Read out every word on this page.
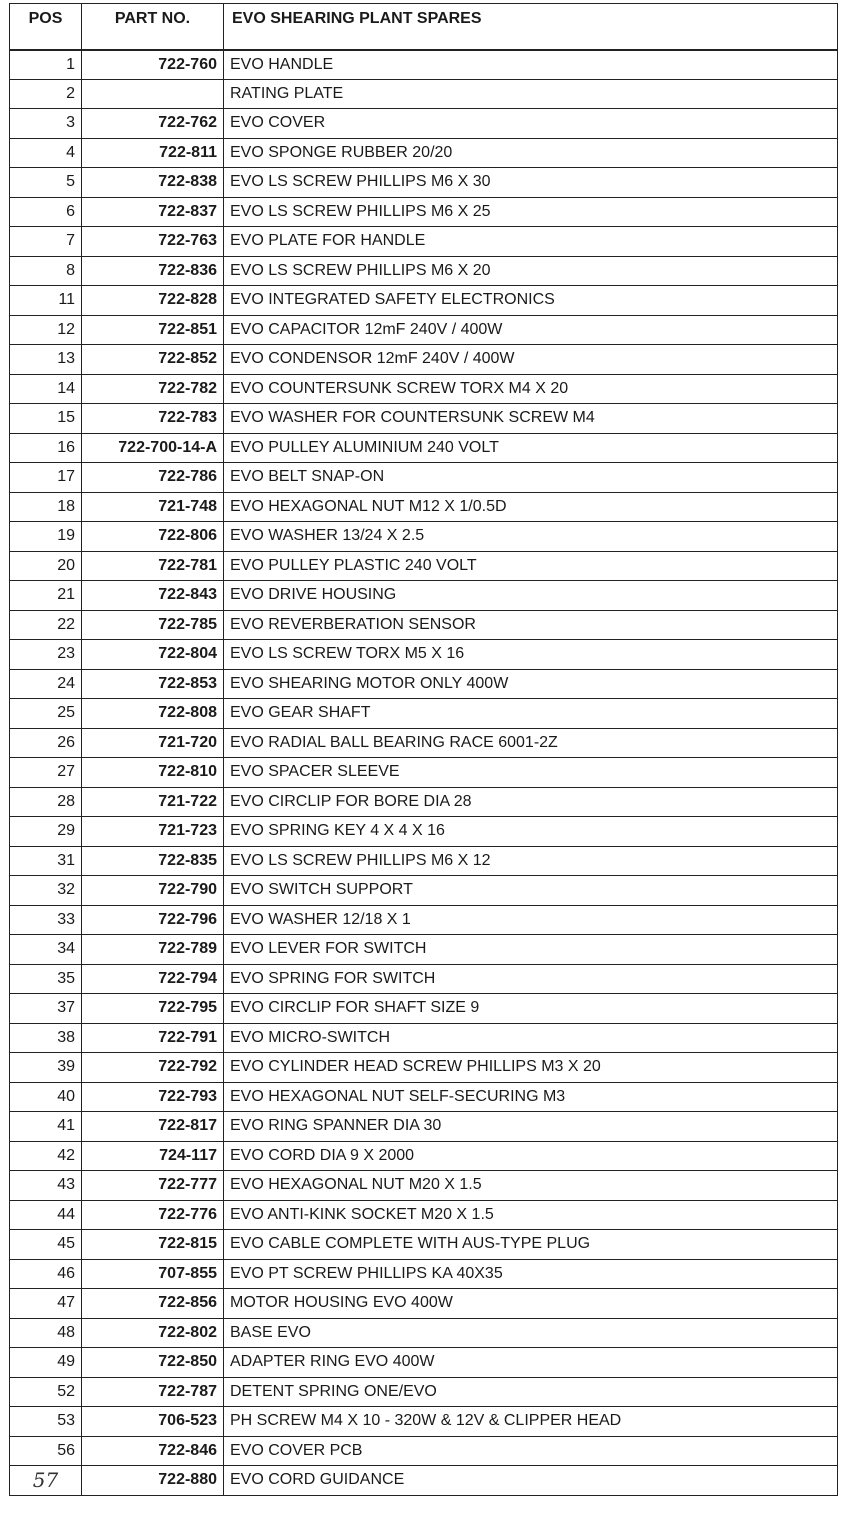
POS	PART NO.	EVO SHEARING PLANT SPARES
1	722-760	EVO HANDLE
2		RATING PLATE
3	722-762	EVO COVER
4	722-811	EVO SPONGE RUBBER 20/20
5	722-838	EVO LS SCREW PHILLIPS M6 X 30
6	722-837	EVO LS SCREW PHILLIPS M6 X 25
7	722-763	EVO PLATE FOR HANDLE
8	722-836	EVO LS SCREW PHILLIPS M6 X 20
11	722-828	EVO INTEGRATED SAFETY ELECTRONICS
12	722-851	EVO CAPACITOR 12mF 240V / 400W
13	722-852	EVO CONDENSOR 12mF 240V / 400W
14	722-782	EVO COUNTERSUNK SCREW TORX M4 X 20
15	722-783	EVO WASHER FOR COUNTERSUNK SCREW M4
16	722-700-14-A	EVO PULLEY ALUMINIUM 240 VOLT
17	722-786	EVO BELT SNAP-ON
18	721-748	EVO HEXAGONAL NUT M12 X 1/0.5D
19	722-806	EVO WASHER 13/24 X 2.5
20	722-781	EVO PULLEY PLASTIC 240 VOLT
21	722-843	EVO DRIVE HOUSING
22	722-785	EVO REVERBERATION SENSOR
23	722-804	EVO LS SCREW TORX M5 X 16
24	722-853	EVO SHEARING MOTOR ONLY 400W
25	722-808	EVO GEAR SHAFT
26	721-720	EVO RADIAL BALL BEARING RACE 6001-2Z
27	722-810	EVO SPACER SLEEVE
28	721-722	EVO CIRCLIP FOR BORE DIA 28
29	721-723	EVO SPRING KEY 4 X 4 X 16
31	722-835	EVO LS SCREW PHILLIPS M6 X 12
32	722-790	EVO SWITCH SUPPORT
33	722-796	EVO WASHER 12/18 X 1
34	722-789	EVO LEVER FOR SWITCH
35	722-794	EVO SPRING FOR SWITCH
37	722-795	EVO CIRCLIP FOR SHAFT SIZE 9
38	722-791	EVO MICRO-SWITCH
39	722-792	EVO CYLINDER HEAD SCREW PHILLIPS M3 X 20
40	722-793	EVO HEXAGONAL NUT SELF-SECURING M3
41	722-817	EVO RING SPANNER DIA 30
42	724-117	EVO CORD DIA 9 X 2000
43	722-777	EVO HEXAGONAL NUT M20 X 1.5
44	722-776	EVO ANTI-KINK SOCKET M20 X 1.5
45	722-815	EVO CABLE COMPLETE WITH AUS-TYPE PLUG
46	707-855	EVO PT SCREW PHILLIPS KA 40X35
47	722-856	MOTOR HOUSING EVO 400W
48	722-802	BASE EVO
49	722-850	ADAPTER RING EVO 400W
52	722-787	DETENT SPRING ONE/EVO
53	706-523	PH SCREW M4 X 10 - 320W & 12V & CLIPPER HEAD
56	722-846	EVO COVER PCB
57	722-880	EVO CORD GUIDANCE
